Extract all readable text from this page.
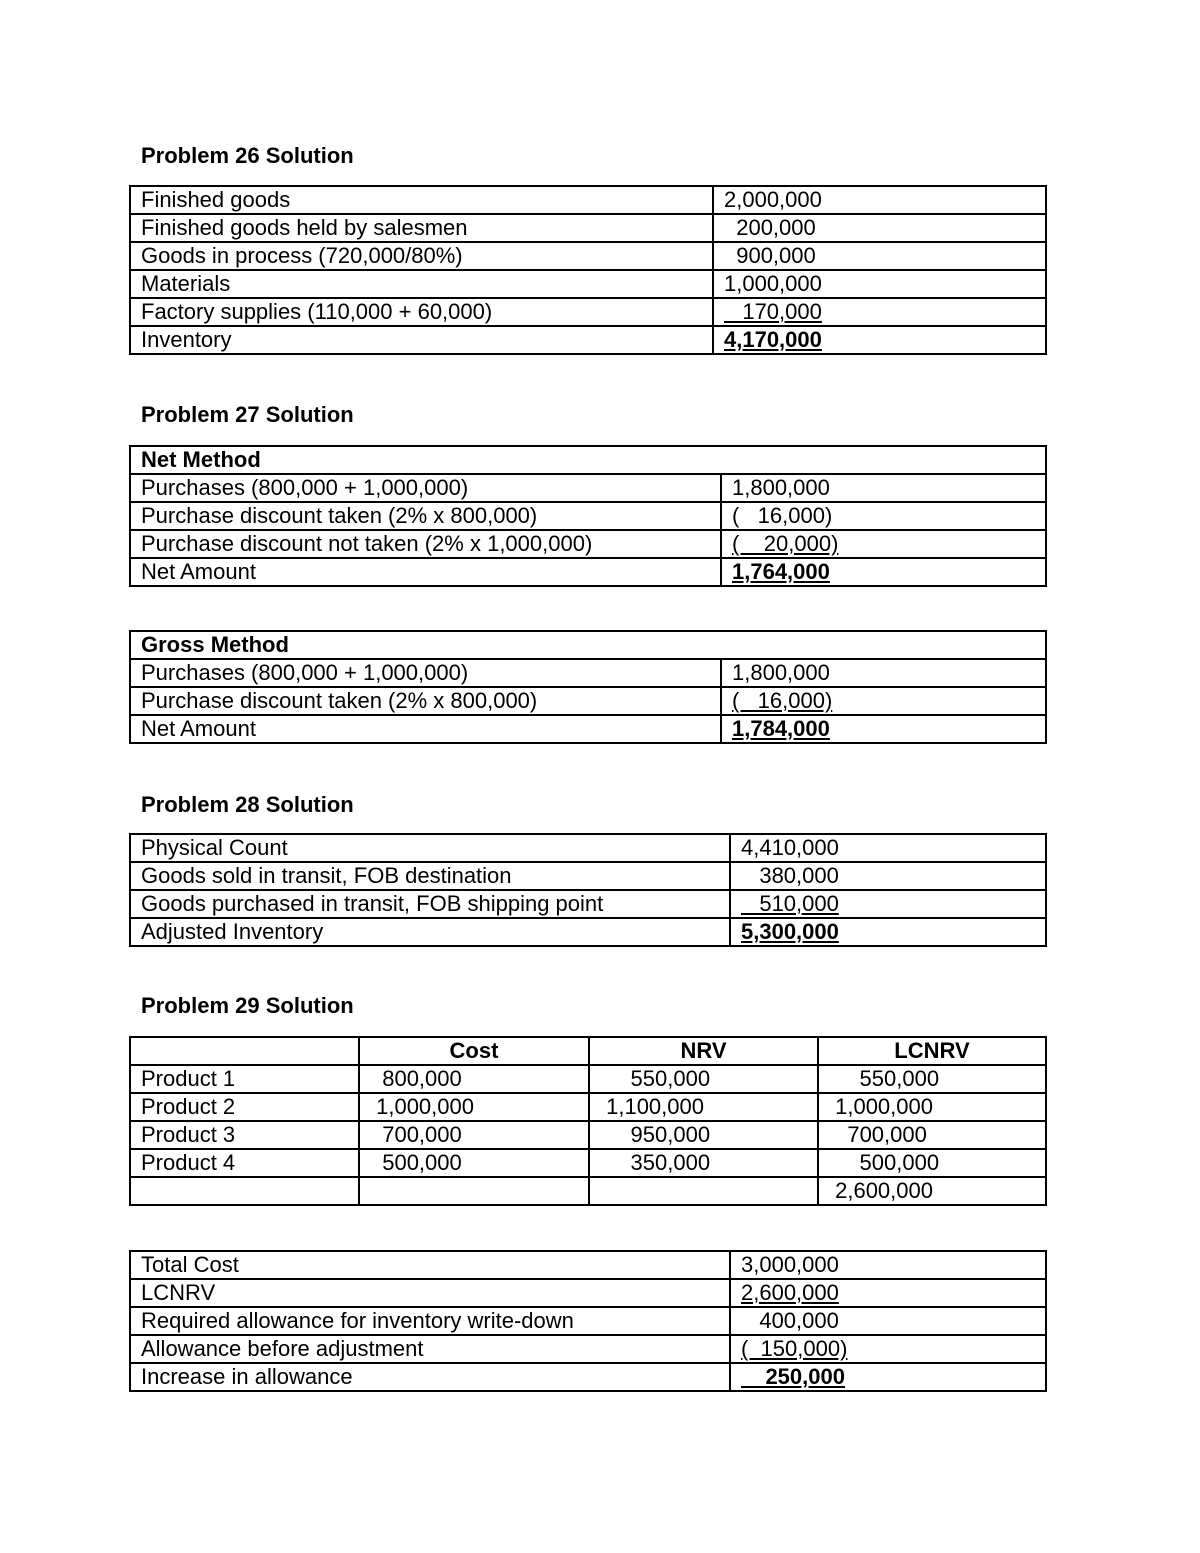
Problem 26 Solution
Finished goods	2,000,000
Finished goods held by salesmen	200,000
Goods in process (720,000/80%)	900,000
Materials	1,000,000
Factory supplies (110,000 + 60,000)	170,000
Inventory	4,170,000
Problem 27 Solution
Net Method	
Purchases (800,000 + 1,000,000)	1,800,000
Purchase discount taken (2% x 800,000)	(   16,000)
Purchase discount not taken (2% x 1,000,000)	(    20,000)
Net Amount	1,764,000
Gross Method	
Purchases (800,000 + 1,000,000)	1,800,000
Purchase discount taken (2% x 800,000)	(   16,000)
Net Amount	1,784,000
Problem 28 Solution
Physical Count	4,410,000
Goods sold in transit, FOB destination	380,000
Goods purchased in transit, FOB shipping point	510,000
Adjusted Inventory	5,300,000
Problem 29 Solution
	Cost	NRV	LCNRV
Product 1	800,000	550,000	550,000
Product 2	1,000,000	1,100,000	1,000,000
Product 3	700,000	950,000	700,000
Product 4	500,000	350,000	500,000
			2,600,000
Total Cost	3,000,000
LCNRV	2,600,000
Required allowance for inventory write-down	400,000
Allowance before adjustment	(  150,000)
Increase in allowance	250,000
